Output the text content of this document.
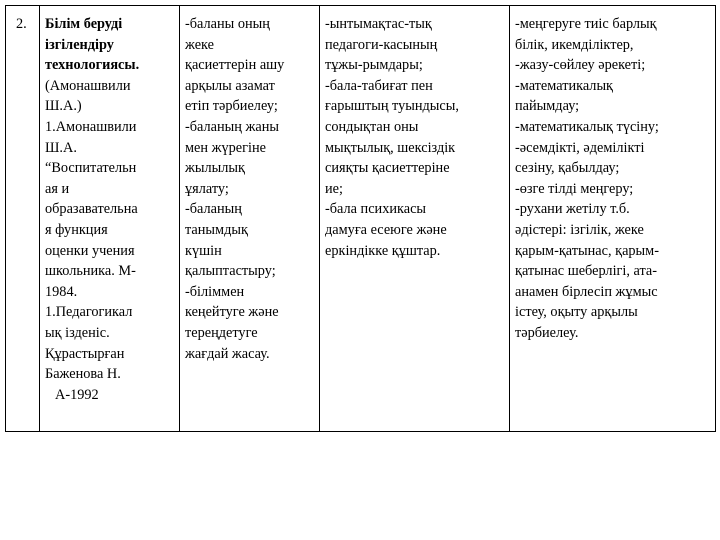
2.	Білім беруді
ізгілендіру
технологиясы.
(Амонашвили
Ш.А.)
1.Амонашвили
Ш.А.
“Воспитательн
ая и
образавательна
я функция
оценки учения
школьника. М-
1984.
1.Педагогикал
ық ізденіс.
Құрастырған
Баженова Н.
А-1992

-баланы оның
жеке
қасиеттерін ашу
арқылы азамат
етіп тәрбиелеу;
-баланың жаны
мен жүрегіне
жылылық
ұялату;
-баланың
танымдық
күшін
қалыптастыру;
-біліммен
кеңейтуге және
тереңдетуге
жағдай жасау.

-ынтымақтас-тық
педагоги-касының
тұжы-рымдары;
-бала-табиғат пен
ғарыштың туындысы,
сондықтан оны
мықтылық, шексіздік
сияқты қасиеттеріне
ие;
-бала психикасы
дамуға есеюге және
еркіндікке құштар.

-меңгеруге тиіс барлық
білік, икемділіктер,
-жазу-сөйлеу әрекеті;
-математикалық
пайымдау;
-математикалық түсіну;
-әсемдікті, әдемілікті
сезіну, қабылдау;
-өзге тілді меңгеру;
-рухани жетілу т.б.
әдістері: ізгілік, жеке
қарым-қатынас, қарым-
қатынас шеберлігі, ата-
анамен бірлесіп жұмыс
істеу, оқыту арқылы
тәрбиелеу.
